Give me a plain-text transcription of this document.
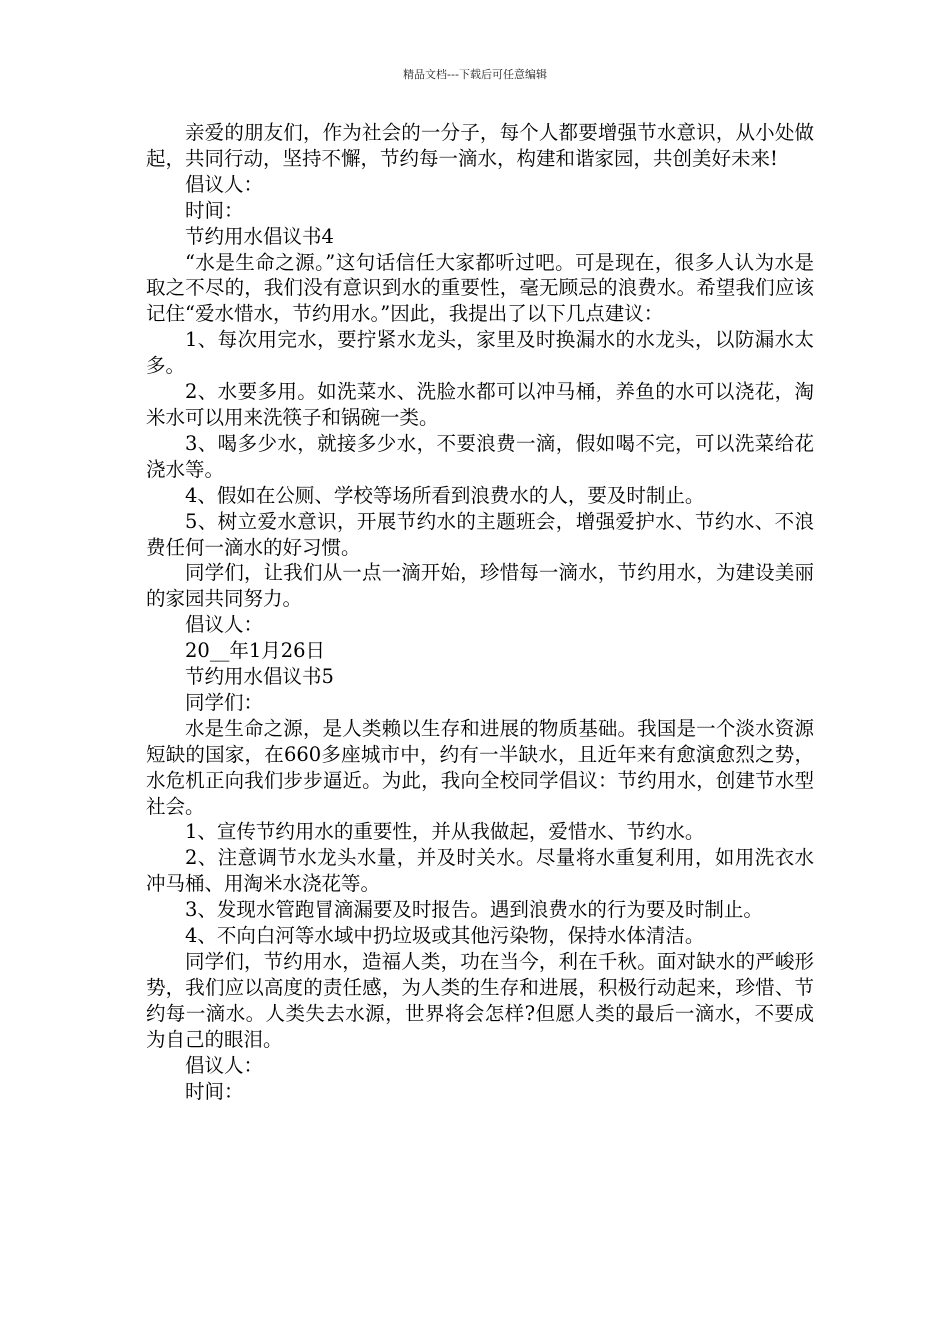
精品文档---下载后可任意编辑

亲爱的朋友们，作为社会的一分子，每个人都要增强节水意识，从小处做起，共同行动，坚持不懈，节约每一滴水，构建和谐家园，共创美好未来!

倡议人：

时间：

节约用水倡议书4

“水是生命之源。”这句话信任大家都听过吧。可是现在，很多人认为水是取之不尽的，我们没有意识到水的重要性，毫无顾忌的浪费水。希望我们应该记住“爱水惜水，节约用水。”因此，我提出了以下几点建议：

1、每次用完水，要拧紧水龙头，家里及时换漏水的水龙头，以防漏水太多。

2、水要多用。如洗菜水、洗脸水都可以冲马桶，养鱼的水可以浇花，淘米水可以用来洗筷子和锅碗一类。

3、喝多少水，就接多少水，不要浪费一滴，假如喝不完，可以洗菜给花浇水等。

4、假如在公厕、学校等场所看到浪费水的人，要及时制止。

5、树立爱水意识，开展节约水的主题班会，增强爱护水、节约水、不浪费任何一滴水的好习惯。

同学们，让我们从一点一滴开始，珍惜每一滴水，节约用水，为建设美丽的家园共同努力。

倡议人：

20__年1月26日

节约用水倡议书5

同学们：

水是生命之源，是人类赖以生存和进展的物质基础。我国是一个淡水资源短缺的国家，在660多座城市中，约有一半缺水，且近年来有愈演愈烈之势，水危机正向我们步步逼近。为此，我向全校同学倡议：节约用水，创建节水型社会。

1、宣传节约用水的重要性，并从我做起，爱惜水、节约水。

2、注意调节水龙头水量，并及时关水。尽量将水重复利用，如用洗衣水冲马桶、用淘米水浇花等。

3、发现水管跑冒滴漏要及时报告。遇到浪费水的行为要及时制止。

4、不向白河等水域中扔垃圾或其他污染物，保持水体清洁。

同学们，节约用水，造福人类，功在当今，利在千秋。面对缺水的严峻形势，我们应以高度的责任感，为人类的生存和进展，积极行动起来，珍惜、节约每一滴水。人类失去水源，世界将会怎样?但愿人类的最后一滴水，不要成为自己的眼泪。

倡议人：

时间：
